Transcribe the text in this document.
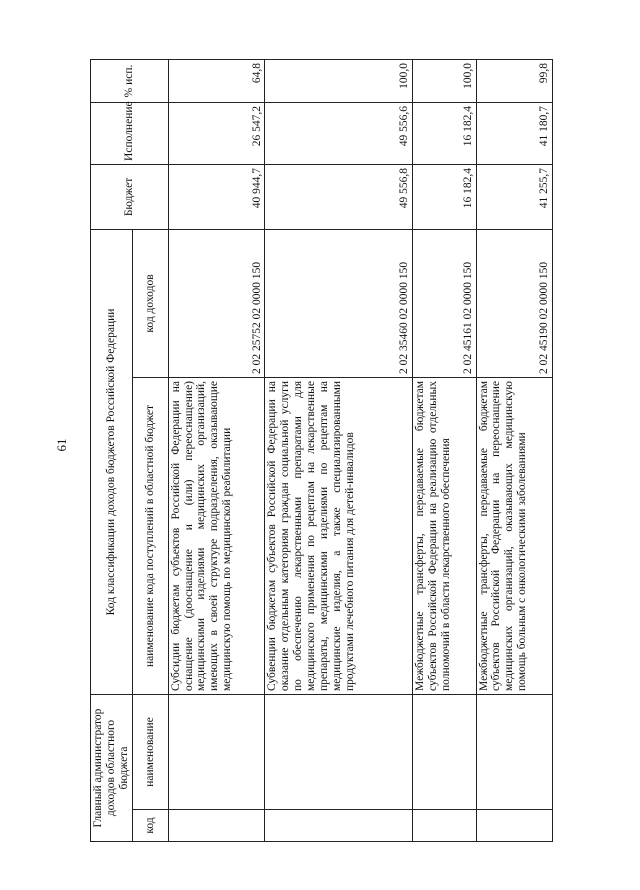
61
Главный администратор доходов областного бюджета		Код классификации доходов бюджетов Российской Федерации		Бюджет	Исполнение	% исп.
код	наименование	наименование кода поступлений в областной бюджет	код доходов			
		Субсидии бюджетам субъектов Российской Федерации на оснащение (дооснащение и (или) переоснащение) медицинскими изделиями медицинских организаций, имеющих в своей структуре подразделения, оказывающие медицинскую помощь по медицинской реабилитации	2 02 25752 02 0000 150	40 944,7	26 547,2	64,8
		Субвенции бюджетам субъектов Российской Федерации на оказание отдельным категориям граждан социальной услуги по обеспечению лекарственными препаратами для медицинского применения по рецептам на лекарственные препараты, медицинскими изделиями по рецептам на медицинские изделия, а также специализированными продуктами лечебного питания для детей-инвалидов	2 02 35460 02 0000 150	49 556,8	49 556,6	100,0
		Межбюджетные трансферты, передаваемые бюджетам субъектов Российской Федерации на реализацию отдельных полномочий в области лекарственного обеспечения	2 02 45161 02 0000 150	16 182,4	16 182,4	100,0
		Межбюджетные трансферты, передаваемые бюджетам субъектов Российской Федерации на переоснащение медицинских организаций, оказывающих медицинскую помощь больным с онкологическими заболеваниями	2 02 45190 02 0000 150	41 255,7	41 180,7	99,8
